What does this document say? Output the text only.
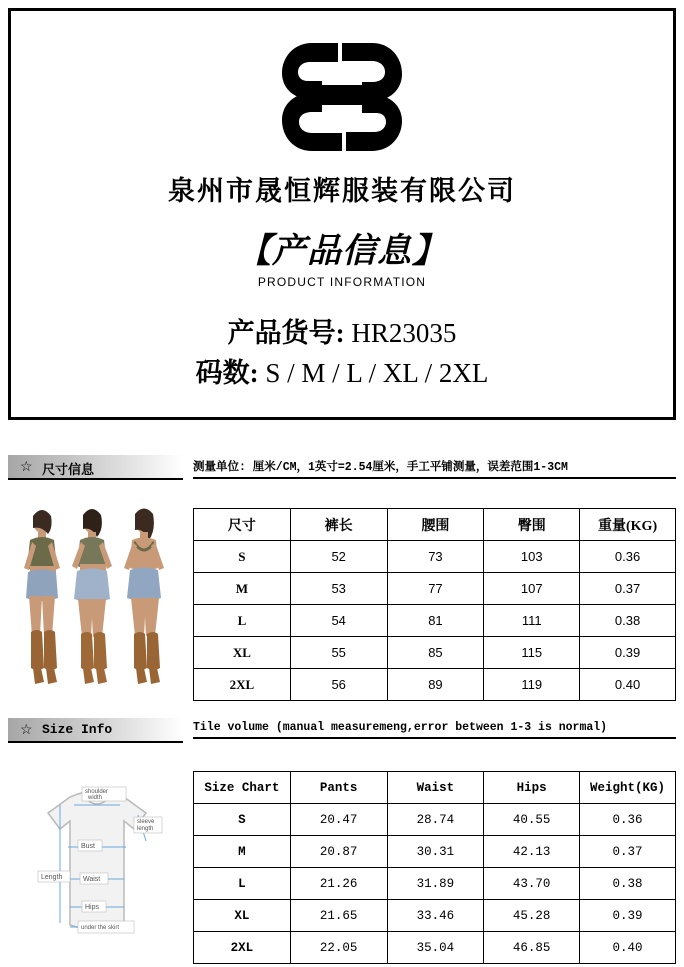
泉州市晟恒辉服装有限公司
【产品信息】
PRODUCT INFORMATION
产品货号: HR23035
码数: S / M / L / XL / 2XL
☆ 尺寸信息	测量单位: 厘米/CM，1英寸=2.54厘米，手工平铺测量，误差范围1-3CM
尺寸	裤长	腰围	臀围	重量(KG)
S	52	73	103	0.36
M	53	77	107	0.37
L	54	81	111	0.38
XL	55	85	115	0.39
2XL	56	89	119	0.40
☆ Size Info	Tile volume (manual measuremeng,error between 1-3 is normal)
shoulder
width
sleeve
length
Bust
Length	Waist
Hips
under the skirt
Size Chart	Pants	Waist	Hips	Weight(KG)
S	20.47	28.74	40.55	0.36
M	20.87	30.31	42.13	0.37
L	21.26	31.89	43.70	0.38
XL	21.65	33.46	45.28	0.39
2XL	22.05	35.04	46.85	0.40
